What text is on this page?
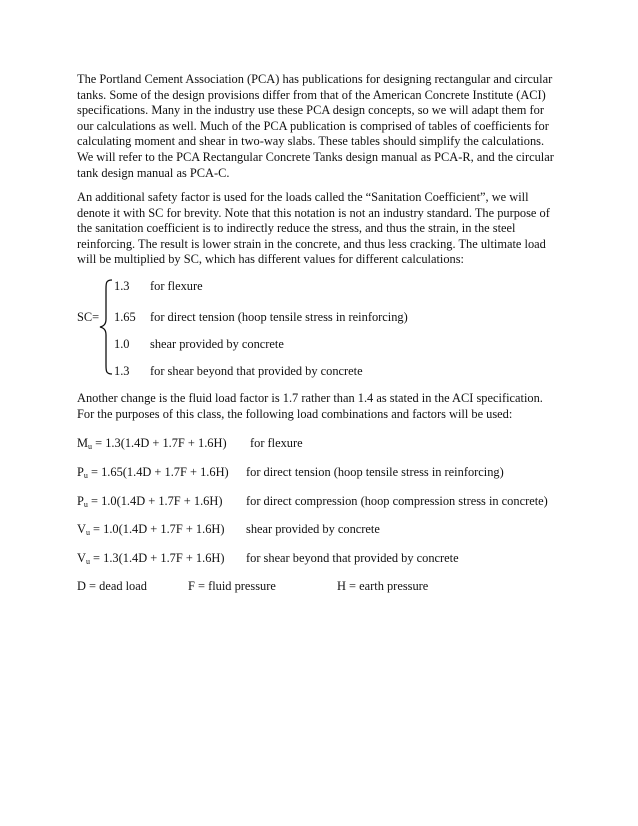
The Portland Cement Association (PCA) has publications for designing rectangular and circular
tanks. Some of the design provisions differ from that of the American Concrete Institute (ACI)
specifications. Many in the industry use these PCA design concepts, so we will adapt them for
our calculations as well. Much of the PCA publication is comprised of tables of coefficients for
calculating moment and shear in two-way slabs. These tables should simplify the calculations.
We will refer to the PCA Rectangular Concrete Tanks design manual as PCA-R, and the circular
tank design manual as PCA-C.
An additional safety factor is used for the loads called the “Sanitation Coefficient”, we will
denote it with SC for brevity. Note that this notation is not an industry standard. The purpose of
the sanitation coefficient is to indirectly reduce the stress, and thus the strain, in the steel
reinforcing. The result is lower strain in the concrete, and thus less cracking. The ultimate load
will be multiplied by SC, which has different values for different calculations:
SC=
1.3 for flexure
1.65 for direct tension (hoop tensile stress in reinforcing)
1.0 shear provided by concrete
1.3 for shear beyond that provided by concrete
Another change is the fluid load factor is 1.7 rather than 1.4 as stated in the ACI specification.
For the purposes of this class, the following load combinations and factors will be used:
$M_u = 1.3(1.4D + 1.7F + 1.6H)$ for flexure
$P_u = 1.65(1.4D + 1.7F + 1.6H)$ for direct tension (hoop tensile stress in reinforcing)
$P_u = 1.0(1.4D + 1.7F + 1.6H)$ for direct compression (hoop compression stress in concrete)
$V_u = 1.0(1.4D + 1.7F + 1.6H)$ shear provided by concrete
$V_u = 1.3(1.4D + 1.7F + 1.6H)$ for shear beyond that provided by concrete
D = dead load	F = fluid pressure	H = earth pressure
